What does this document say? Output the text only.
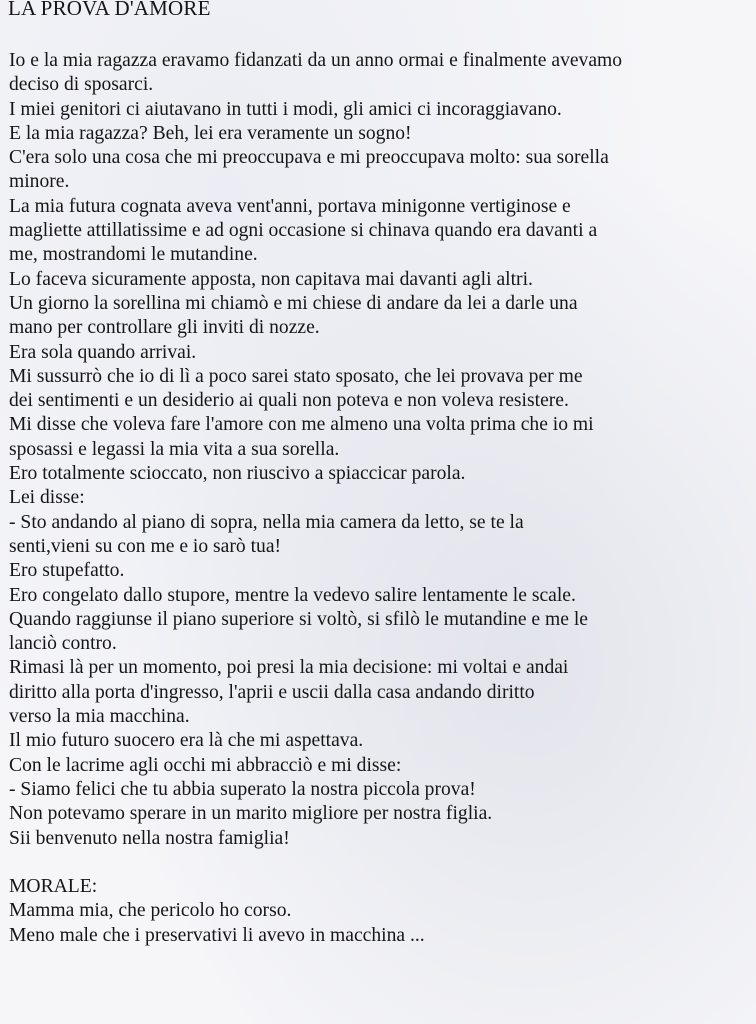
LA PROVA D'AMORE
Io e la mia ragazza eravamo fidanzati da un anno ormai e finalmente avevamo
deciso di sposarci.
I miei genitori ci aiutavano in tutti i modi, gli amici ci incoraggiavano.
E la mia ragazza? Beh, lei era veramente un sogno!
C'era solo una cosa che mi preoccupava e mi preoccupava molto: sua sorella
minore.
La mia futura cognata aveva vent'anni, portava minigonne vertiginose e
magliette attillatissime e ad ogni occasione si chinava quando era davanti a
me, mostrandomi le mutandine.
Lo faceva sicuramente apposta, non capitava mai davanti agli altri.
Un giorno la sorellina mi chiamò e mi chiese di andare da lei a darle una
mano per controllare gli inviti di nozze.
Era sola quando arrivai.
Mi sussurrò che io di lì a poco sarei stato sposato, che lei provava per me
dei sentimenti e un desiderio ai quali non poteva e non voleva resistere.
Mi disse che voleva fare l'amore con me almeno una volta prima che io mi
sposassi e legassi la mia vita a sua sorella.
Ero totalmente scioccato, non riuscivo a spiaccicar parola.
Lei disse:
- Sto andando al piano di sopra, nella mia camera da letto, se te la
senti,vieni su con me e io sarò tua!
Ero stupefatto.
Ero congelato dallo stupore, mentre la vedevo salire lentamente le scale.
Quando raggiunse il piano superiore si voltò, si sfilò le mutandine e me le
lanciò contro.
Rimasi là per un momento, poi presi la mia decisione: mi voltai e andai
diritto alla porta d'ingresso, l'aprii e uscii dalla casa andando diritto
verso la mia macchina.
Il mio futuro suocero era là che mi aspettava.
Con le lacrime agli occhi mi abbracciò e mi disse:
- Siamo felici che tu abbia superato la nostra piccola prova!
Non potevamo sperare in un marito migliore per nostra figlia.
Sii benvenuto nella nostra famiglia!
MORALE:
Mamma mia, che pericolo ho corso.
Meno male che i preservativi li avevo in macchina ...
